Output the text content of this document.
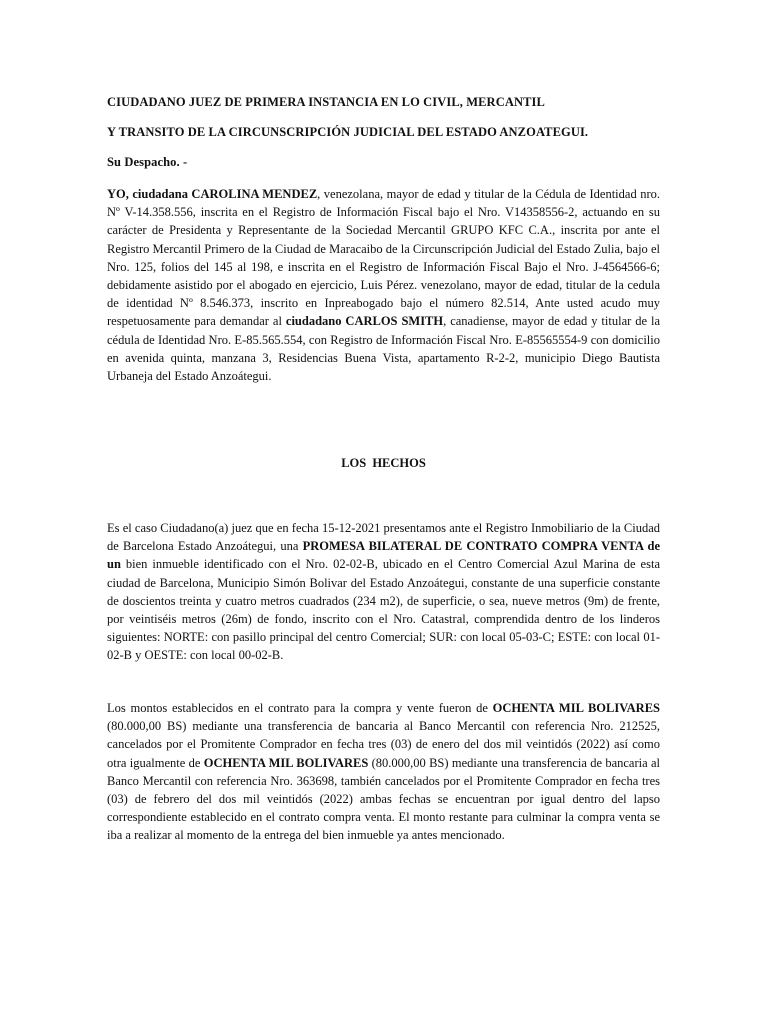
CIUDADANO JUEZ DE PRIMERA INSTANCIA EN LO CIVIL, MERCANTIL

Y TRANSITO DE LA CIRCUNSCRIPCIÓN JUDICIAL DEL ESTADO ANZOATEGUI.

Su Despacho. -

YO, ciudadana CAROLINA MENDEZ, venezolana, mayor de edad y titular de la Cédula de Identidad nro. Nº V-14.358.556, inscrita en el Registro de Información Fiscal bajo el Nro. V14358556-2, actuando en su carácter de Presidenta y Representante de la Sociedad Mercantil GRUPO KFC C.A., inscrita por ante el Registro Mercantil Primero de la Ciudad de Maracaibo de la Circunscripción Judicial del Estado Zulia, bajo el Nro. 125, folios del 145 al 198, e inscrita en el Registro de Información Fiscal Bajo el Nro. J-4564566-6; debidamente asistido por el abogado en ejercicio, Luis Pérez. venezolano, mayor de edad, titular de la cedula de identidad Nº 8.546.373, inscrito en Inpreabogado bajo el número 82.514, Ante usted acudo muy respetuosamente para demandar al ciudadano CARLOS SMITH, canadiense, mayor de edad y titular de la cédula de Identidad Nro. E-85.565.554, con Registro de Información Fiscal Nro. E-85565554-9 con domicilio en avenida quinta, manzana 3, Residencias Buena Vista, apartamento R-2-2, municipio Diego Bautista Urbaneja del Estado Anzoátegui.

LOS HECHOS

Es el caso Ciudadano(a) juez que en fecha 15-12-2021 presentamos ante el Registro Inmobiliario de la Ciudad de Barcelona Estado Anzoátegui, una PROMESA BILATERAL DE CONTRATO COMPRA VENTA de un bien inmueble identificado con el Nro. 02-02-B, ubicado en el Centro Comercial Azul Marina de esta ciudad de Barcelona, Municipio Simón Bolivar del Estado Anzoátegui, constante de una superficie constante de doscientos treinta y cuatro metros cuadrados (234 m2), de superficie, o sea, nueve metros (9m) de frente, por veintiséis metros (26m) de fondo, inscrito con el Nro. Catastral, comprendida dentro de los linderos siguientes: NORTE: con pasillo principal del centro Comercial; SUR: con local 05-03-C; ESTE: con local 01-02-B y OESTE: con local 00-02-B.

Los montos establecidos en el contrato para la compra y vente fueron de OCHENTA MIL BOLIVARES (80.000,00 BS) mediante una transferencia de bancaria al Banco Mercantil con referencia Nro. 212525, cancelados por el Promitente Comprador en fecha tres (03) de enero del dos mil veintidós (2022) así como otra igualmente de OCHENTA MIL BOLIVARES (80.000,00 BS) mediante una transferencia de bancaria al Banco Mercantil con referencia Nro. 363698, también cancelados por el Promitente Comprador en fecha tres (03) de febrero del dos mil veintidós (2022) ambas fechas se encuentran por igual dentro del lapso correspondiente establecido en el contrato compra venta. El monto restante para culminar la compra venta se iba a realizar al momento de la entrega del bien inmueble ya antes mencionado.
